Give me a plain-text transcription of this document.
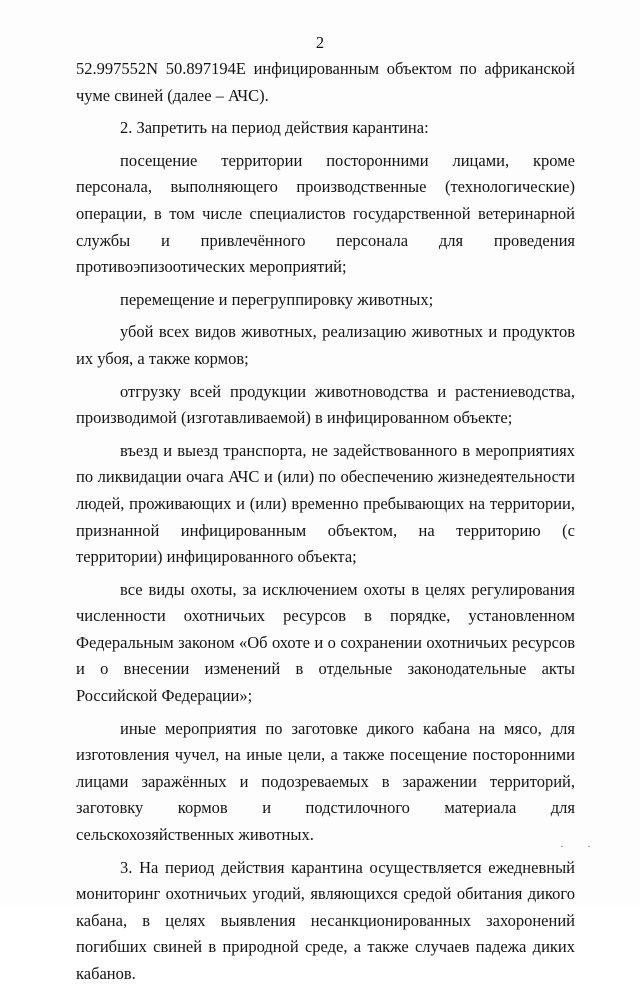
2

52.997552N 50.897194E инфицированным объектом по африканской чуме свиней (далее – АЧС).

2. Запретить на период действия карантина:

посещение территории посторонними лицами, кроме персонала, выполняющего производственные (технологические) операции, в том числе специалистов государственной ветеринарной службы и привлечённого персонала для проведения противоэпизоотических мероприятий;

перемещение и перегруппировку животных;

убой всех видов животных, реализацию животных и продуктов их убоя, а также кормов;

отгрузку всей продукции животноводства и растениеводства, производимой (изготавливаемой) в инфицированном объекте;

въезд и выезд транспорта, не задействованного в мероприятиях по ликвидации очага АЧС и (или) по обеспечению жизнедеятельности людей, проживающих и (или) временно пребывающих на территории, признанной инфицированным объектом, на территорию (с территории) инфицированного объекта;

все виды охоты, за исключением охоты в целях регулирования численности охотничьих ресурсов в порядке, установленном Федеральным законом «Об охоте и о сохранении охотничьих ресурсов и о внесении изменений в отдельные законодательные акты Российской Федерации»;

иные мероприятия по заготовке дикого кабана на мясо, для изготовления чучел, на иные цели, а также посещение посторонними лицами заражённых и подозреваемых в заражении территорий, заготовку кормов и подстилочного материала для сельскохозяйственных животных.

3. На период действия карантина осуществляется ежедневный мониторинг охотничьих угодий, являющихся средой обитания дикого кабана, в целях выявления несанкционированных захоронений погибших свиней в природной среде, а также случаев падежа диких кабанов.

· ·
